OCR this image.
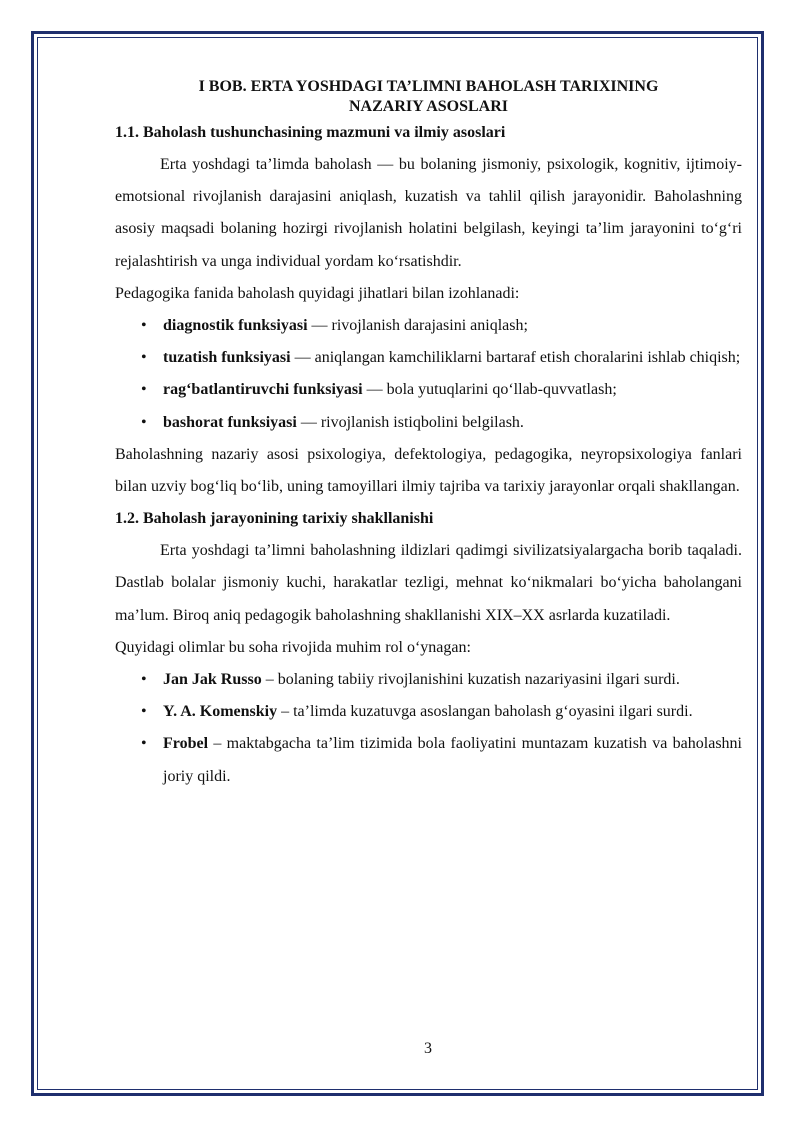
I BOB. ERTA YOSHDAGI TA’LIMNI BAHOLASH TARIXINING
NAZARIY ASOSLARI

1.1. Baholash tushunchasining mazmuni va ilmiy asoslari

Erta yoshdagi ta’limda baholash — bu bolaning jismoniy, psixologik, kognitiv, ijtimoiy-emotsional rivojlanish darajasini aniqlash, kuzatish va tahlil qilish jarayonidir. Baholashning asosiy maqsadi bolaning hozirgi rivojlanish holatini belgilash, keyingi ta’lim jarayonini to‘g‘ri rejalashtirish va unga individual yordam ko‘rsatishdir.

Pedagogika fanida baholash quyidagi jihatlari bilan izohlanadi:

• diagnostik funksiyasi — rivojlanish darajasini aniqlash;
• tuzatish funksiyasi — aniqlangan kamchiliklarni bartaraf etish choralarini ishlab chiqish;
• rag‘batlantiruvchi funksiyasi — bola yutuqlarini qo‘llab-quvvatlash;
• bashorat funksiyasi — rivojlanish istiqbolini belgilash.

Baholashning nazariy asosi psixologiya, defektologiya, pedagogika, neyropsixologiya fanlari bilan uzviy bog‘liq bo‘lib, uning tamoyillari ilmiy tajriba va tarixiy jarayonlar orqali shakllangan.

1.2. Baholash jarayonining tarixiy shakllanishi

Erta yoshdagi ta’limni baholashning ildizlari qadimgi sivilizatsiyalargacha borib taqaladi. Dastlab bolalar jismoniy kuchi, harakatlar tezligi, mehnat ko‘nikmalari bo‘yicha baholangani ma’lum. Biroq aniq pedagogik baholashning shakllanishi XIX–XX asrlarda kuzatiladi.

Quyidagi olimlar bu soha rivojida muhim rol o‘ynagan:

• Jan Jak Russo – bolaning tabiiy rivojlanishini kuzatish nazariyasini ilgari surdi.
• Y. A. Komenskiy – ta’limda kuzatuvga asoslangan baholash g‘oyasini ilgari surdi.
• Frobel – maktabgacha ta’lim tizimida bola faoliyatini muntazam kuzatish va baholashni joriy qildi.
3
